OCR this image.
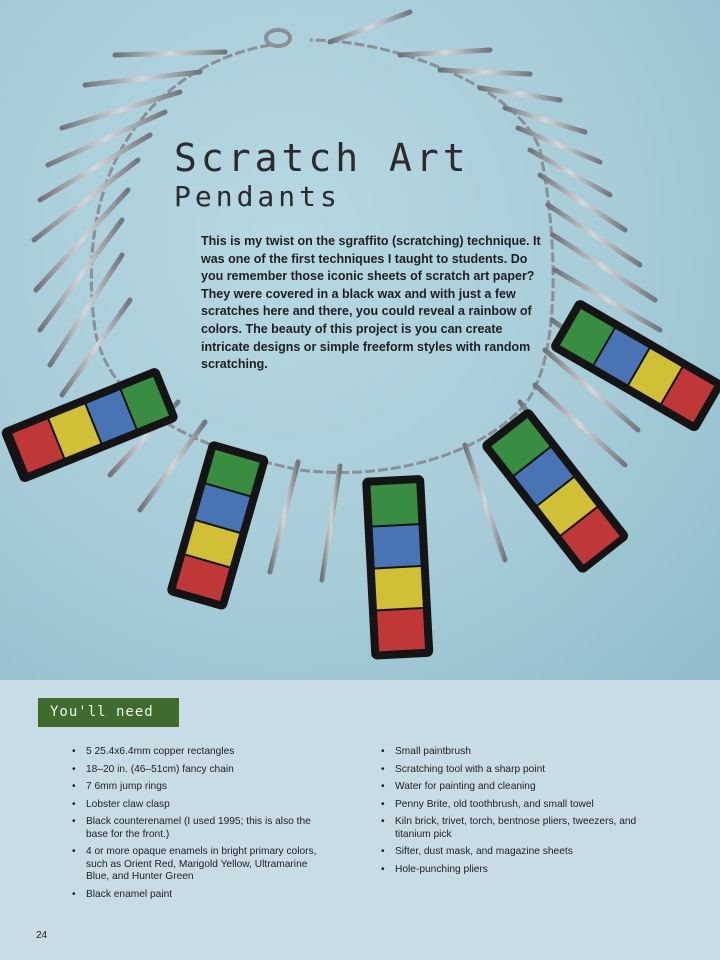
Scratch Art
Pendants

This is my twist on the sgraffito (scratching) technique. It was one of the first techniques I taught to students. Do you remember those iconic sheets of scratch art paper? They were covered in a black wax and with just a few scratches here and there, you could reveal a rainbow of colors. The beauty of this project is you can create intricate designs or simple freeform styles with random scratching.

You'll need
• 5 25.4x6.4mm copper rectangles
• 18–20 in. (46–51cm) fancy chain
• 7 6mm jump rings
• Lobster claw clasp
• Black counterenamel (I used 1995; this is also the base for the front.)
• 4 or more opaque enamels in bright primary colors, such as Orient Red, Marigold Yellow, Ultramarine Blue, and Hunter Green
• Black enamel paint
• Small paintbrush
• Scratching tool with a sharp point
• Water for painting and cleaning
• Penny Brite, old toothbrush, and small towel
• Kiln brick, trivet, torch, bentnose pliers, tweezers, and titanium pick
• Sifter, dust mask, and magazine sheets
• Hole-punching pliers
24
